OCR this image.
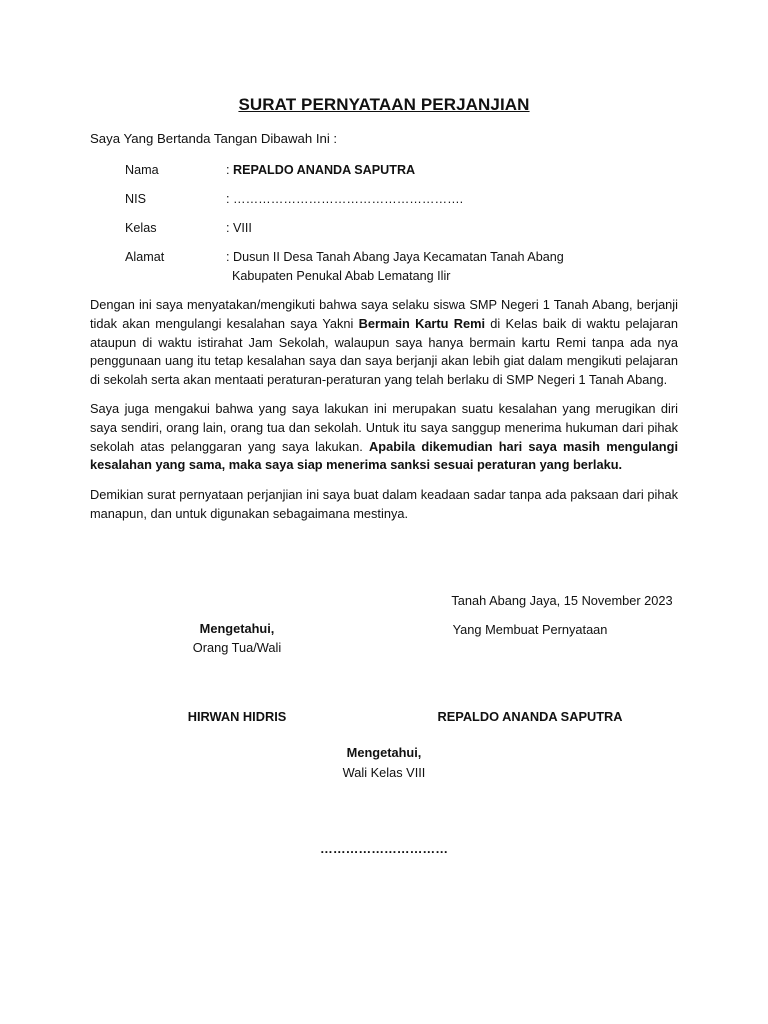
SURAT PERNYATAAN PERJANJIAN

Saya Yang Bertanda Tangan Dibawah Ini :

Nama	: REPALDO ANANDA SAPUTRA
NIS	: ……………………………………………….
Kelas	: VIII
Alamat	: Dusun II Desa Tanah Abang Jaya Kecamatan Tanah Abang
Kabupaten Penukal Abab Lematang Ilir

Dengan ini saya menyatakan/mengikuti bahwa saya selaku siswa SMP Negeri 1 Tanah Abang, berjanji tidak akan mengulangi kesalahan saya Yakni Bermain Kartu Remi di Kelas baik di waktu pelajaran ataupun di waktu istirahat Jam Sekolah, walaupun saya hanya bermain kartu Remi tanpa ada nya penggunaan uang itu tetap kesalahan saya dan saya berjanji akan lebih giat dalam mengikuti pelajaran di sekolah serta akan mentaati peraturan-peraturan yang telah berlaku di SMP Negeri 1 Tanah Abang.

Saya juga mengakui bahwa yang saya lakukan ini merupakan suatu kesalahan yang merugikan diri saya sendiri, orang lain, orang tua dan sekolah. Untuk itu saya sanggup menerima hukuman dari pihak sekolah atas pelanggaran yang saya lakukan. Apabila dikemudian hari saya masih mengulangi kesalahan yang sama, maka saya siap menerima sanksi sesuai peraturan yang berlaku.

Demikian surat pernyataan perjanjian ini saya buat dalam keadaan sadar tanpa ada paksaan dari pihak manapun, dan untuk digunakan sebagaimana mestinya.

Tanah Abang Jaya, 15 November 2023
Mengetahui,
Orang Tua/Wali
HIRWAN HIDRIS
Yang Membuat Pernyataan
REPALDO ANANDA SAPUTRA
Mengetahui,
Wali Kelas VIII
…………………………
